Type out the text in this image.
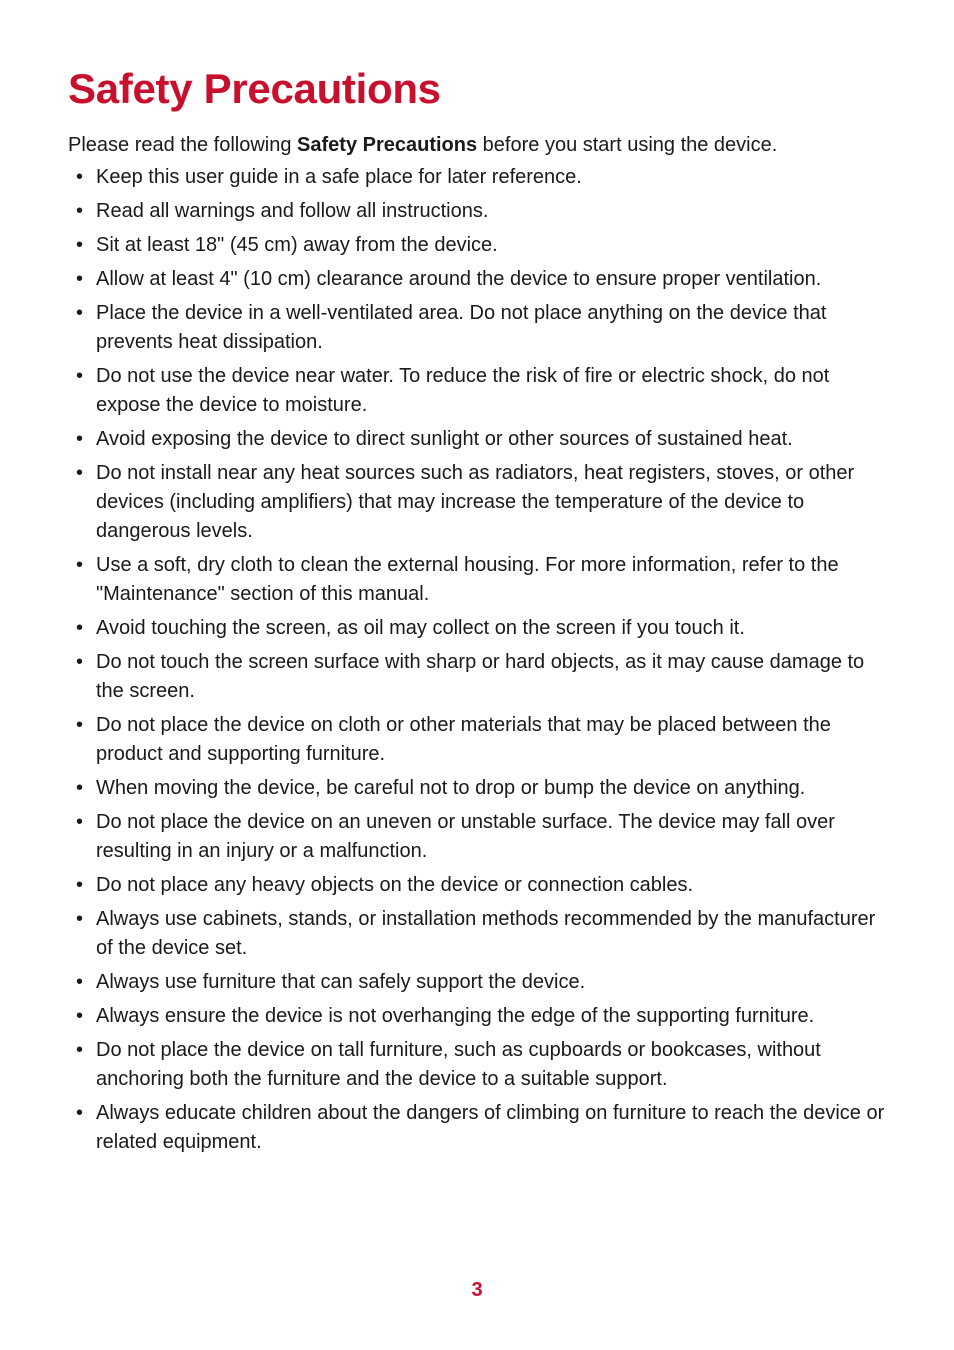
Safety Precautions

Please read the following Safety Precautions before you start using the device.

• Keep this user guide in a safe place for later reference.
• Read all warnings and follow all instructions.
• Sit at least 18" (45 cm) away from the device.
• Allow at least 4" (10 cm) clearance around the device to ensure proper ventilation.
• Place the device in a well-ventilated area. Do not place anything on the device that prevents heat dissipation.
• Do not use the device near water. To reduce the risk of fire or electric shock, do not expose the device to moisture.
• Avoid exposing the device to direct sunlight or other sources of sustained heat.
• Do not install near any heat sources such as radiators, heat registers, stoves, or other devices (including amplifiers) that may increase the temperature of the device to dangerous levels.
• Use a soft, dry cloth to clean the external housing. For more information, refer to the "Maintenance" section of this manual.
• Avoid touching the screen, as oil may collect on the screen if you touch it.
• Do not touch the screen surface with sharp or hard objects, as it may cause damage to the screen.
• Do not place the device on cloth or other materials that may be placed between the product and supporting furniture.
• When moving the device, be careful not to drop or bump the device on anything.
• Do not place the device on an uneven or unstable surface. The device may fall over resulting in an injury or a malfunction.
• Do not place any heavy objects on the device or connection cables.
• Always use cabinets, stands, or installation methods recommended by the manufacturer of the device set.
• Always use furniture that can safely support the device.
• Always ensure the device is not overhanging the edge of the supporting furniture.
• Do not place the device on tall furniture, such as cupboards or bookcases, without anchoring both the furniture and the device to a suitable support.
• Always educate children about the dangers of climbing on furniture to reach the device or related equipment.
3
